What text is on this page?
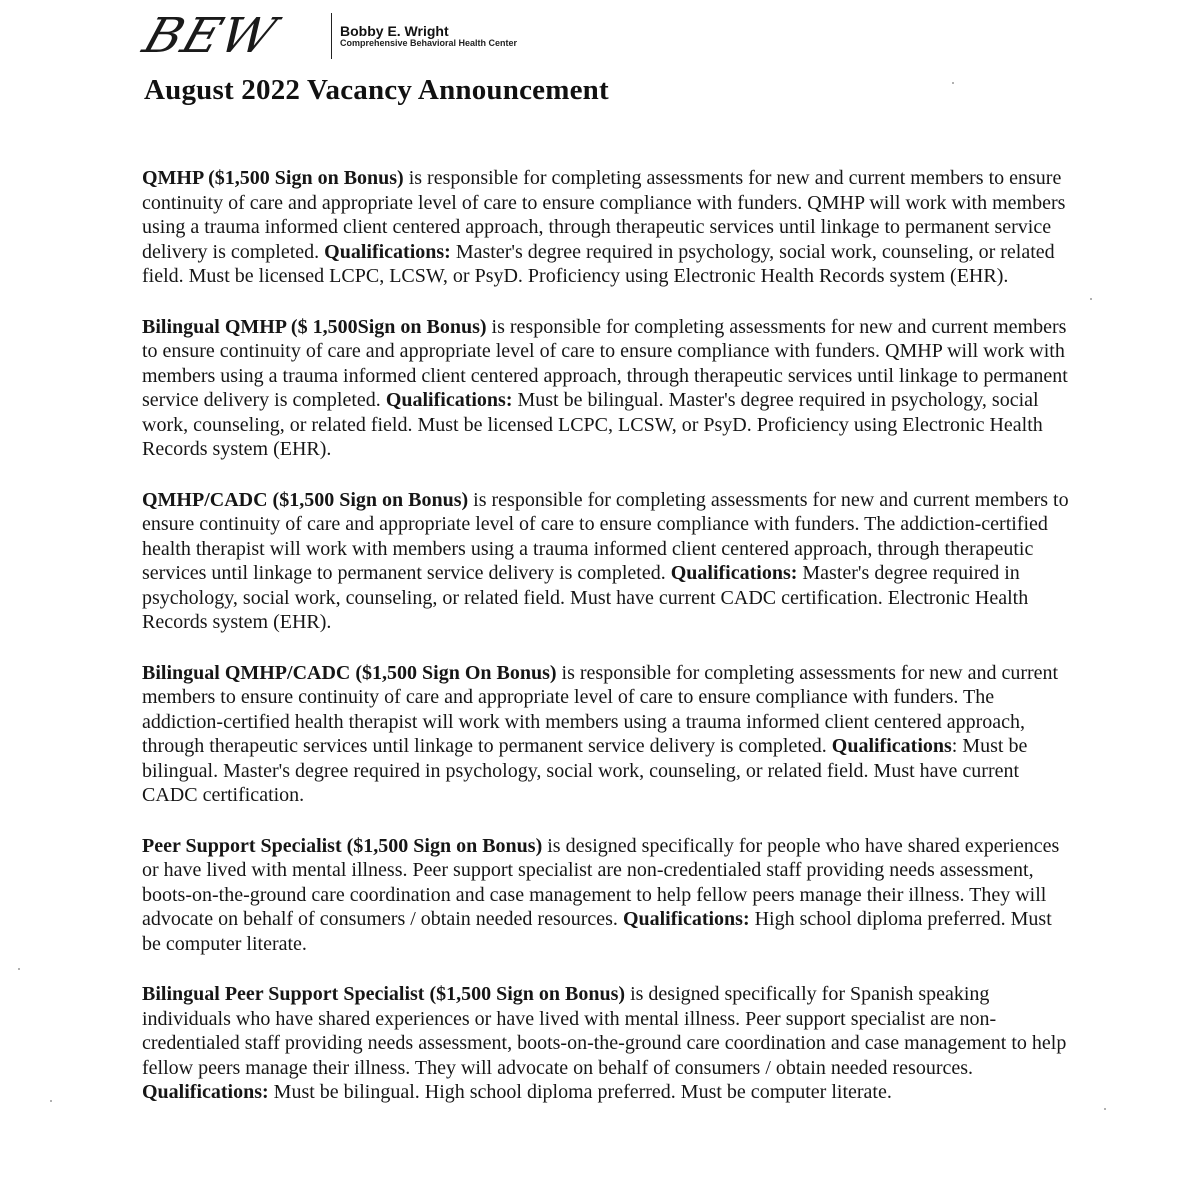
BEW	Bobby E. Wright
Comprehensive Behavioral Health Center
August 2022 Vacancy Announcement

QMHP ($1,500 Sign on Bonus) is responsible for completing assessments for new and current members to ensure continuity of care and appropriate level of care to ensure compliance with funders. QMHP will work with members using a trauma informed client centered approach, through therapeutic services until linkage to permanent service delivery is completed. Qualifications: Master's degree required in psychology, social work, counseling, or related field. Must be licensed LCPC, LCSW, or PsyD. Proficiency using Electronic Health Records system (EHR).

Bilingual QMHP ($ 1,500Sign on Bonus) is responsible for completing assessments for new and current members to ensure continuity of care and appropriate level of care to ensure compliance with funders. QMHP will work with members using a trauma informed client centered approach, through therapeutic services until linkage to permanent service delivery is completed. Qualifications: Must be bilingual. Master's degree required in psychology, social work, counseling, or related field. Must be licensed LCPC, LCSW, or PsyD. Proficiency using Electronic Health Records system (EHR).

QMHP/CADC ($1,500 Sign on Bonus) is responsible for completing assessments for new and current members to ensure continuity of care and appropriate level of care to ensure compliance with funders. The addiction-certified health therapist will work with members using a trauma informed client centered approach, through therapeutic services until linkage to permanent service delivery is completed. Qualifications: Master's degree required in psychology, social work, counseling, or related field. Must have current CADC certification. Electronic Health Records system (EHR).

Bilingual QMHP/CADC ($1,500 Sign On Bonus) is responsible for completing assessments for new and current members to ensure continuity of care and appropriate level of care to ensure compliance with funders. The addiction-certified health therapist will work with members using a trauma informed client centered approach, through therapeutic services until linkage to permanent service delivery is completed. Qualifications: Must be bilingual. Master's degree required in psychology, social work, counseling, or related field. Must have current CADC certification.

Peer Support Specialist ($1,500 Sign on Bonus) is designed specifically for people who have shared experiences or have lived with mental illness. Peer support specialist are non-credentialed staff providing needs assessment, boots-on-the-ground care coordination and case management to help fellow peers manage their illness. They will advocate on behalf of consumers / obtain needed resources. Qualifications: High school diploma preferred. Must be computer literate.

Bilingual Peer Support Specialist ($1,500 Sign on Bonus) is designed specifically for Spanish speaking individuals who have shared experiences or have lived with mental illness. Peer support specialist are non-credentialed staff providing needs assessment, boots-on-the-ground care coordination and case management to help fellow peers manage their illness. They will advocate on behalf of consumers / obtain needed resources. Qualifications: Must be bilingual. High school diploma preferred. Must be computer literate.
